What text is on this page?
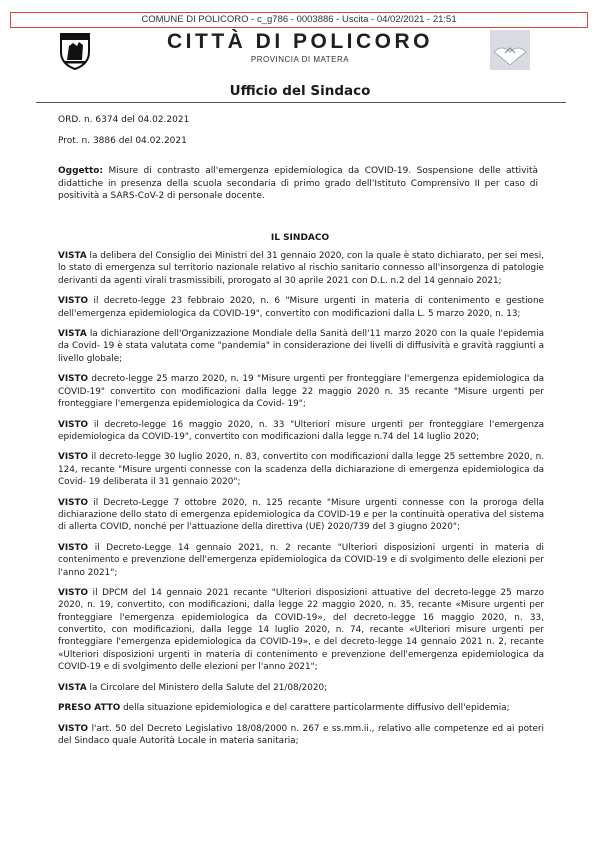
COMUNE DI POLICORO - c_g786 - 0003886 - Uscita - 04/02/2021 - 21:51
CITTÀ DI POLICORO
PROVINCIA DI MATERA
Ufficio del Sindaco
ORD. n. 6374 del 04.02.2021
Prot. n. 3886 del 04.02.2021
Oggetto: Misure di contrasto all'emergenza epidemiologica da COVID-19. Sospensione delle attività didattiche in presenza della scuola secondaria di primo grado dell'Istituto Comprensivo II per caso di positività a SARS-CoV-2 di personale docente.
IL SINDACO

VISTA la delibera del Consiglio dei Ministri del 31 gennaio 2020, con la quale è stato dichiarato, per sei mesi, lo stato di emergenza sul territorio nazionale relativo al rischio sanitario connesso all'insorgenza di patologie derivanti da agenti virali trasmissibili, prorogato al 30 aprile 2021 con D.L. n.2 del 14 gennaio 2021;

VISTO il decreto-legge 23 febbraio 2020, n. 6 "Misure urgenti in materia di contenimento e gestione dell'emergenza epidemiologica da COVID-19", convertito con modificazioni dalla L. 5 marzo 2020, n. 13;

VISTA la dichiarazione dell'Organizzazione Mondiale della Sanità dell'11 marzo 2020 con la quale l'epidemia da Covid- 19 è stata valutata come "pandemia" in considerazione dei livelli di diffusività e gravità raggiunti a livello globale;

VISTO decreto-legge 25 marzo 2020, n. 19 "Misure urgenti per fronteggiare l'emergenza epidemiologica da COVID-19" convertito con modificazioni dalla legge 22 maggio 2020 n. 35 recante "Misure urgenti per fronteggiare l'emergenza epidemiologica da Covid- 19";

VISTO il decreto-legge 16 maggio 2020, n. 33 "Ulteriori misure urgenti per fronteggiare l'emergenza epidemiologica da COVID-19", convertito con modificazioni dalla legge n.74 del 14 luglio 2020;

VISTO il decreto-legge 30 luglio 2020, n. 83, convertito con modificazioni dalla legge 25 settembre 2020, n. 124, recante "Misure urgenti connesse con la scadenza della dichiarazione di emergenza epidemiologica da Covid- 19 deliberata il 31 gennaio 2020";

VISTO il Decreto-Legge 7 ottobre 2020, n. 125 recante "Misure urgenti connesse con la proroga della dichiarazione dello stato di emergenza epidemiologica da COVID-19 e per la continuità operativa del sistema di allerta COVID, nonché per l'attuazione della direttiva (UE) 2020/739 del 3 giugno 2020";

VISTO il Decreto-Legge 14 gennaio 2021, n. 2 recante "Ulteriori disposizioni urgenti in materia di contenimento e prevenzione dell'emergenza epidemiologica da COVID-19 e di svolgimento delle elezioni per l'anno 2021";

VISTO il DPCM del 14 gennaio 2021 recante "Ulteriori disposizioni attuative del decreto-legge 25 marzo 2020, n. 19, convertito, con modificazioni, dalla legge 22 maggio 2020, n. 35, recante «Misure urgenti per fronteggiare l'emergenza epidemiologica da COVID-19», del decreto-legge 16 maggio 2020, n. 33, convertito, con modificazioni, dalla legge 14 luglio 2020, n. 74, recante «Ulteriori misure urgenti per fronteggiare l'emergenza epidemiologica da COVID-19», e del decreto-legge 14 gennaio 2021 n. 2, recante «Ulteriori disposizioni urgenti in materia di contenimento e prevenzione dell'emergenza epidemiologica da COVID-19 e di svolgimento delle elezioni per l'anno 2021";

VISTA la Circolare del Ministero della Salute del 21/08/2020;

PRESO ATTO della situazione epidemiologica e del carattere particolarmente diffusivo dell'epidemia;

VISTO l'art. 50 del Decreto Legislativo 18/08/2000 n. 267 e ss.mm.ii., relativo alle competenze ed ai poteri del Sindaco quale Autorità Locale in materia sanitaria;
